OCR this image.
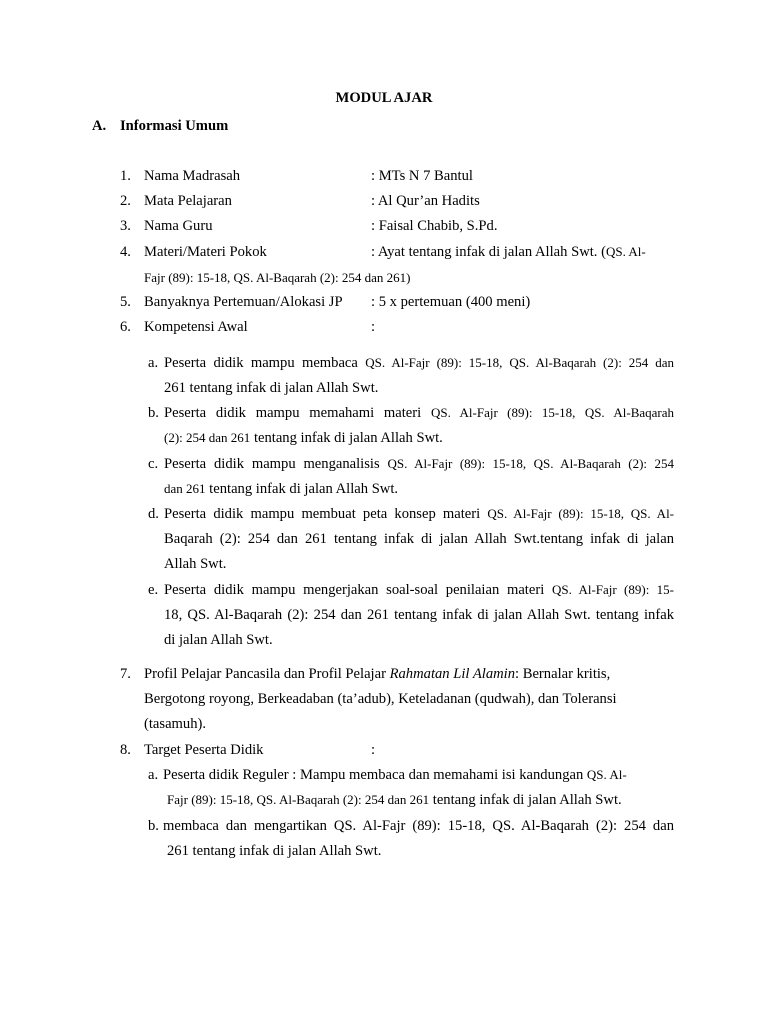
MODUL AJAR
A. Informasi Umum
1. Nama Madrasah	: MTs N 7 Bantul
2. Mata Pelajaran	: Al Qur’an Hadits
3. Nama Guru	: Faisal Chabib, S.Pd.
4. Materi/Materi Pokok	: Ayat tentang infak di jalan Allah Swt. (QS. Al-
Fajr (89): 15-18, QS. Al-Baqarah (2): 254 dan 261)
5. Banyaknya Pertemuan/Alokasi JP : 5 x pertemuan (400 meni)
6. Kompetensi Awal	:
a. Peserta didik mampu membaca QS. Al-Fajr (89): 15-18, QS. Al-Baqarah (2): 254 dan
261 tentang infak di jalan Allah Swt.
b. Peserta didik mampu memahami materi QS. Al-Fajr (89): 15-18, QS. Al-Baqarah
(2): 254 dan 261 tentang infak di jalan Allah Swt.
c. Peserta didik mampu menganalisis QS. Al-Fajr (89): 15-18, QS. Al-Baqarah (2): 254
dan 261 tentang infak di jalan Allah Swt.
d. Peserta didik mampu membuat peta konsep materi QS. Al-Fajr (89): 15-18, QS. Al-
Baqarah (2): 254 dan 261 tentang infak di jalan Allah Swt.tentang infak di jalan
Allah Swt.
e. Peserta didik mampu mengerjakan soal-soal penilaian materi QS. Al-Fajr (89): 15-
18, QS. Al-Baqarah (2): 254 dan 261 tentang infak di jalan Allah Swt. tentang infak
di jalan Allah Swt.
7. Profil Pelajar Pancasila dan Profil Pelajar Rahmatan Lil Alamin: Bernalar kritis,
Bergotong royong, Berkeadaban (ta’adub), Keteladanan (qudwah), dan Toleransi
(tasamuh).
8. Target Peserta Didik	:
a. Peserta didik Reguler : Mampu membaca dan memahami isi kandungan QS. Al-
Fajr (89): 15-18, QS. Al-Baqarah (2): 254 dan 261 tentang infak di jalan Allah Swt.
b. membaca dan mengartikan QS. Al-Fajr (89): 15-18, QS. Al-Baqarah (2): 254 dan
261 tentang infak di jalan Allah Swt.
